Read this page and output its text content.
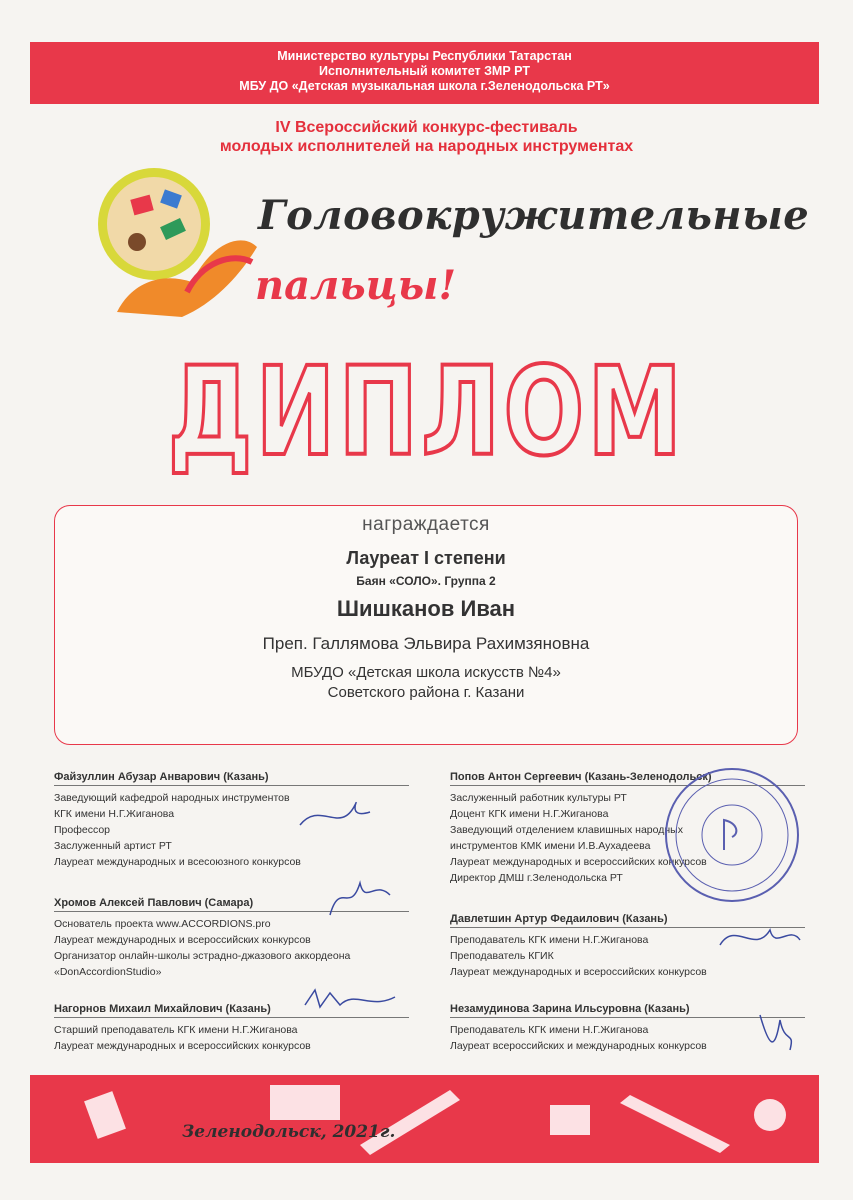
Министерство культуры Республики Татарстан
Исполнительный комитет ЗМР РТ
МБУ ДО «Детская музыкальная школа г.Зеленодольска РТ»
IV Всероссийский конкурс-фестиваль
молодых исполнителей на народных инструментах
Головокружительные
пальцы!
ДИПЛОМ
награждается
Лауреат I степени
Баян «СОЛО». Группа 2
Шишканов Иван
Преп. Галлямова Эльвира Рахимзяновна
МБУДО «Детская школа искусств №4»
Советского района г. Казани
Файзуллин Абузар Анварович (Казань)
Заведующий кафедрой народных инструментов
КГК имени Н.Г.Жиганова
Профессор
Заслуженный артист РТ
Лауреат международных и всесоюзного конкурсов
Попов Антон Сергеевич (Казань-Зеленодольск)
Заслуженный работник культуры РТ
Доцент КГК имени Н.Г.Жиганова
Заведующий отделением клавишных народных
инструментов КМК имени И.В.Аухадеева
Лауреат международных и всероссийских конкурсов
Директор ДМШ г.Зеленодольска РТ
Хромов Алексей Павлович (Самара)
Основатель проекта www.ACCORDIONS.pro
Лауреат международных и всероссийских конкурсов
Организатор онлайн-школы эстрадно-джазового аккордеона
«DonAccordionStudio»
Давлетшин Артур Федаилович (Казань)
Преподаватель КГК имени Н.Г.Жиганова
Преподаватель КГИК
Лауреат международных и всероссийских конкурсов
Нагорнов Михаил Михайлович (Казань)
Старший преподаватель КГК имени Н.Г.Жиганова
Лауреат международных и всероссийских конкурсов
Незамудинова Зарина Ильсуровна (Казань)
Преподаватель КГК имени Н.Г.Жиганова
Лауреат всероссийских и международных конкурсов
Зеленодольск, 2021г.
